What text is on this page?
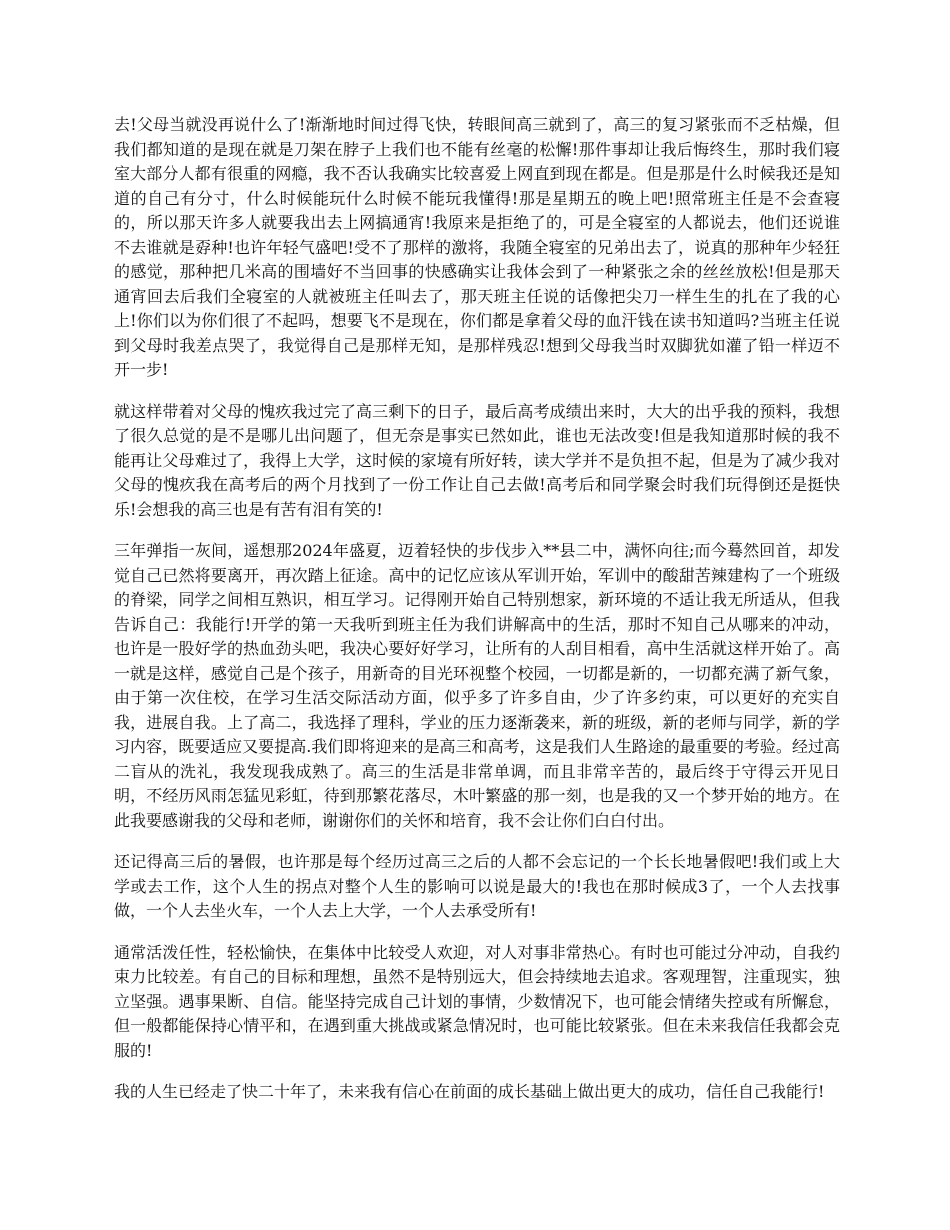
去!父母当就没再说什么了!渐渐地时间过得飞快，转眼间高三就到了，高三的复习紧张而不乏枯燥，但我们都知道的是现在就是刀架在脖子上我们也不能有丝毫的松懈!那件事却让我后悔终生，那时我们寝室大部分人都有很重的网瘾，我不否认我确实比较喜爱上网直到现在都是。但是那是什么时候我还是知道的自己有分寸，什么时候能玩什么时候不能玩我懂得!那是星期五的晚上吧!照常班主任是不会查寝的，所以那天许多人就要我出去上网搞通宵!我原来是拒绝了的，可是全寝室的人都说去，他们还说谁不去谁就是孬种!也许年轻气盛吧!受不了那样的激将，我随全寝室的兄弟出去了，说真的那种年少轻狂的感觉，那种把几米高的围墙好不当回事的快感确实让我体会到了一种紧张之余的丝丝放松!但是那天通宵回去后我们全寝室的人就被班主任叫去了，那天班主任说的话像把尖刀一样生生的扎在了我的心上!你们以为你们很了不起吗，想要飞不是现在，你们都是拿着父母的血汗钱在读书知道吗?当班主任说到父母时我差点哭了，我觉得自己是那样无知，是那样残忍!想到父母我当时双脚犹如灌了铅一样迈不开一步!

就这样带着对父母的愧疚我过完了高三剩下的日子，最后高考成绩出来时，大大的出乎我的预料，我想了很久总觉的是不是哪儿出问题了，但无奈是事实已然如此，谁也无法改变!但是我知道那时候的我不能再让父母难过了，我得上大学，这时候的家境有所好转，读大学并不是负担不起，但是为了减少我对父母的愧疚我在高考后的两个月找到了一份工作让自己去做!高考后和同学聚会时我们玩得倒还是挺快乐!会想我的高三也是有苦有泪有笑的!

三年弹指一灰间，遥想那2024年盛夏，迈着轻快的步伐步入**县二中，满怀向往;而今蓦然回首，却发觉自己已然将要离开，再次踏上征途。高中的记忆应该从军训开始，军训中的酸甜苦辣建构了一个班级的脊梁，同学之间相互熟识，相互学习。记得刚开始自己特别想家，新环境的不适让我无所适从，但我告诉自己：我能行!开学的第一天我听到班主任为我们讲解高中的生活，那时不知自己从哪来的冲动，也许是一股好学的热血劲头吧，我决心要好好学习，让所有的人刮目相看，高中生活就这样开始了。高一就是这样，感觉自己是个孩子，用新奇的目光环视整个校园，一切都是新的，一切都充满了新气象，由于第一次住校，在学习生活交际活动方面，似乎多了许多自由，少了许多约束，可以更好的充实自我，进展自我。上了高二，我选择了理科，学业的压力逐渐袭来，新的班级，新的老师与同学，新的学习内容，既要适应又要提高.我们即将迎来的是高三和高考，这是我们人生路途的最重要的考验。经过高二盲从的洗礼，我发现我成熟了。高三的生活是非常单调，而且非常辛苦的，最后终于守得云开见日明，不经历风雨怎猛见彩虹，待到那繁花落尽，木叶繁盛的那一刻，也是我的又一个梦开始的地方。在此我要感谢我的父母和老师，谢谢你们的关怀和培育，我不会让你们白白付出。

还记得高三后的暑假，也许那是每个经历过高三之后的人都不会忘记的一个长长地暑假吧!我们或上大学或去工作，这个人生的拐点对整个人生的影响可以说是最大的!我也在那时候成3了，一个人去找事做，一个人去坐火车，一个人去上大学，一个人去承受所有!

通常活泼任性，轻松愉快，在集体中比较受人欢迎，对人对事非常热心。有时也可能过分冲动，自我约束力比较差。有自己的目标和理想，虽然不是特别远大，但会持续地去追求。客观理智，注重现实，独立坚强。遇事果断、自信。能坚持完成自己计划的事情，少数情况下，也可能会情绪失控或有所懈怠，但一般都能保持心情平和，在遇到重大挑战或紧急情况时，也可能比较紧张。但在未来我信任我都会克服的!

我的人生已经走了快二十年了，未来我有信心在前面的成长基础上做出更大的成功，信任自己我能行!
